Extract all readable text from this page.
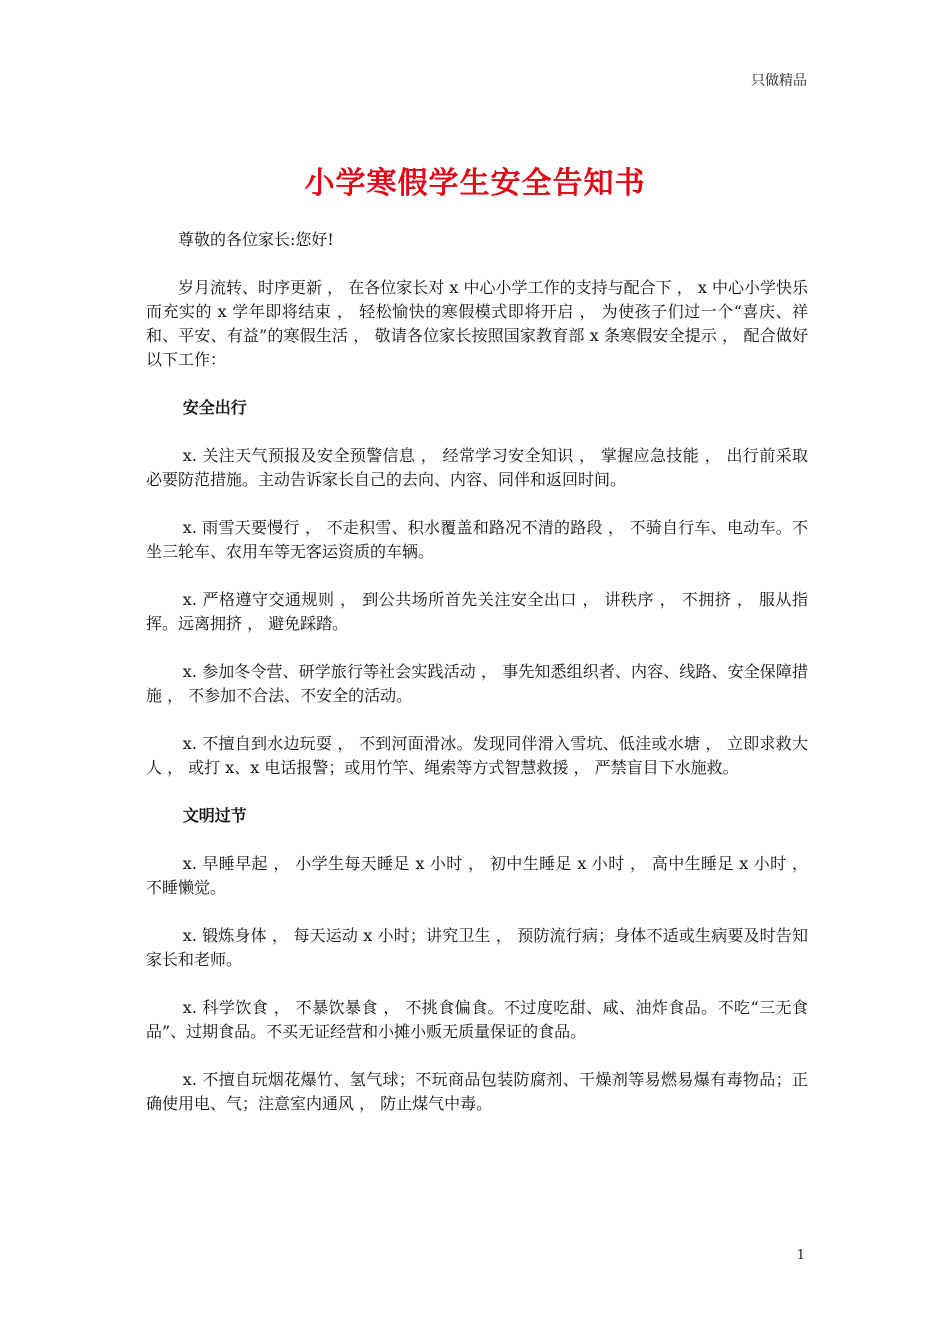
只做精品
小学寒假学生安全告知书

尊敬的各位家长:您好!

岁月流转、时序更新 ， 在各位家长对 x 中心小学工作的支持与配合下 ， x 中心小学快乐而充实的 x 学年即将结束 ， 轻松愉快的寒假模式即将开启 ， 为使孩子们过一个“喜庆、祥和、平安、有益”的寒假生活 ， 敬请各位家长按照国家教育部 x 条寒假安全提示 ， 配合做好以下工作：

安全出行

x. 关注天气预报及安全预警信息 ， 经常学习安全知识 ， 掌握应急技能 ， 出行前采取必要防范措施。主动告诉家长自己的去向、内容、同伴和返回时间。

x. 雨雪天要慢行 ， 不走积雪、积水覆盖和路况不清的路段 ， 不骑自行车、电动车。不坐三轮车、农用车等无客运资质的车辆。

x. 严格遵守交通规则 ， 到公共场所首先关注安全出口 ， 讲秩序 ， 不拥挤 ， 服从指挥。远离拥挤 ， 避免踩踏。

x. 参加冬令营、研学旅行等社会实践活动 ， 事先知悉组织者、内容、线路、安全保障措施 ， 不参加不合法、不安全的活动。

x. 不擅自到水边玩耍 ， 不到河面滑冰。发现同伴滑入雪坑、低洼或水塘 ， 立即求救大人 ， 或打 x、x 电话报警；或用竹竿、绳索等方式智慧救援 ， 严禁盲目下水施救。

文明过节

x. 早睡早起 ， 小学生每天睡足 x 小时 ， 初中生睡足 x 小时 ， 高中生睡足 x 小时 ， 不睡懒觉。

x. 锻炼身体 ， 每天运动 x 小时；讲究卫生 ， 预防流行病；身体不适或生病要及时告知家长和老师。

x. 科学饮食 ， 不暴饮暴食 ， 不挑食偏食。不过度吃甜、咸、油炸食品。不吃“三无食品”、过期食品。不买无证经营和小摊小贩无质量保证的食品。

x. 不擅自玩烟花爆竹、氢气球；不玩商品包装防腐剂、干燥剂等易燃易爆有毒物品；正确使用电、气；注意室内通风 ， 防止煤气中毒。

1
